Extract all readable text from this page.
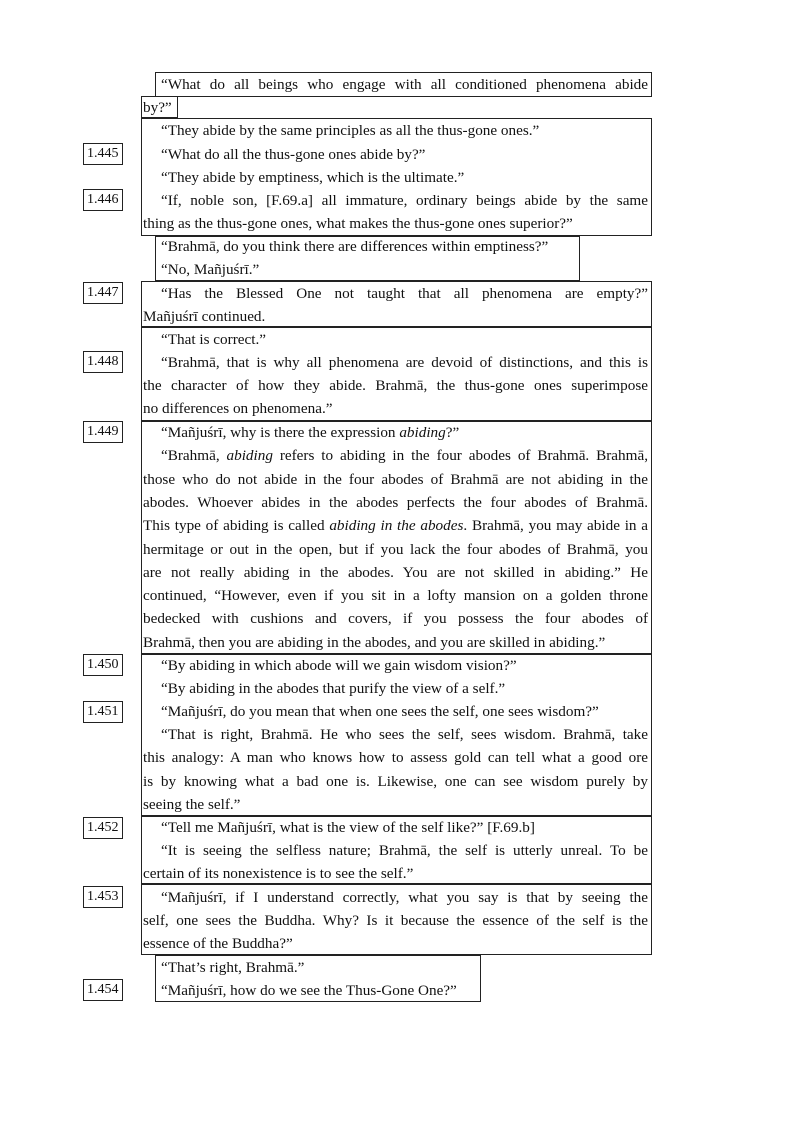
1.445
1.446
1.447
1.448
1.449
1.450
1.451
1.452
1.453
1.454
“What do all beings who engage with all conditioned phenomena abide
by?”
“They abide by the same principles as all the thus-gone ones.”
“What do all the thus-gone ones abide by?”
“They abide by emptiness, which is the ultimate.”
“If, noble son, [F.69.a] all immature, ordinary beings abide by the same
thing as the thus-gone ones, what makes the thus-gone ones superior?”
“Brahmā, do you think there are differences within emptiness?”
“No, Mañjuśrī.”
“Has the Blessed One not taught that all phenomena are empty?”
Mañjuśrī continued.
“That is correct.”
“Brahmā, that is why all phenomena are devoid of distinctions, and this is
the character of how they abide. Brahmā, the thus-gone ones superimpose
no differences on phenomena.”
“Mañjuśrī, why is there the expression abiding?”
“Brahmā, abiding refers to abiding in the four abodes of Brahmā. Brahmā,
those who do not abide in the four abodes of Brahmā are not abiding in the
abodes. Whoever abides in the abodes perfects the four abodes of Brahmā.
This type of abiding is called abiding in the abodes. Brahmā, you may abide in a
hermitage or out in the open, but if you lack the four abodes of Brahmā, you
are not really abiding in the abodes. You are not skilled in abiding.” He
continued, “However, even if you sit in a lofty mansion on a golden throne
bedecked with cushions and covers, if you possess the four abodes of
Brahmā, then you are abiding in the abodes, and you are skilled in abiding.”
“By abiding in which abode will we gain wisdom vision?”
“By abiding in the abodes that purify the view of a self.”
“Mañjuśrī, do you mean that when one sees the self, one sees wisdom?”
“That is right, Brahmā. He who sees the self, sees wisdom. Brahmā, take
this analogy: A man who knows how to assess gold can tell what a good ore
is by knowing what a bad one is. Likewise, one can see wisdom purely by
seeing the self.”
“Tell me Mañjuśrī, what is the view of the self like?” [F.69.b]
“It is seeing the selfless nature; Brahmā, the self is utterly unreal. To be
certain of its nonexistence is to see the self.”
“Mañjuśrī, if I understand correctly, what you say is that by seeing the
self, one sees the Buddha. Why? Is it because the essence of the self is the
essence of the Buddha?”
“That’s right, Brahmā.”
“Mañjuśrī, how do we see the Thus-Gone One?”
